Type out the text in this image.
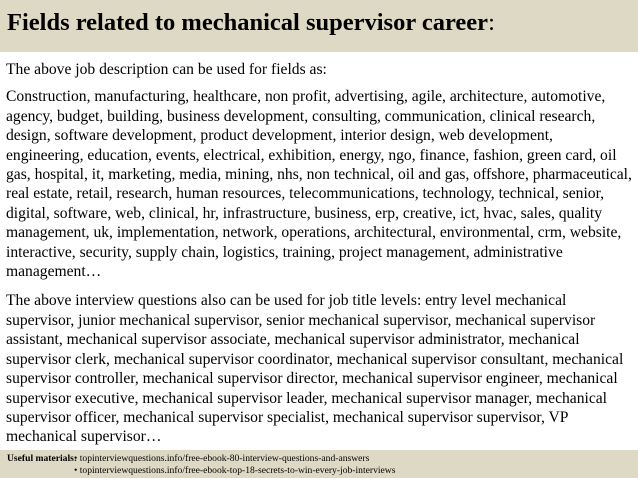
Fields related to mechanical supervisor career:

The above job description can be used for fields as:

Construction, manufacturing, healthcare, non profit, advertising, agile, architecture, automotive, agency, budget, building, business development, consulting, communication, clinical research, design, software development, product development, interior design, web development, engineering, education, events, electrical, exhibition, energy, ngo, finance, fashion, green card, oil gas, hospital, it, marketing, media, mining, nhs, non technical, oil and gas, offshore, pharmaceutical, real estate, retail, research, human resources, telecommunications, technology, technical, senior, digital, software, web, clinical, hr, infrastructure, business, erp, creative, ict, hvac, sales, quality management, uk, implementation, network, operations, architectural, environmental, crm, website, interactive, security, supply chain, logistics, training, project management, administrative management…

The above interview questions also can be used for job title levels: entry level mechanical supervisor, junior mechanical supervisor, senior mechanical supervisor, mechanical supervisor assistant, mechanical supervisor associate, mechanical supervisor administrator, mechanical supervisor clerk, mechanical supervisor coordinator, mechanical supervisor consultant, mechanical supervisor controller, mechanical supervisor director, mechanical supervisor engineer, mechanical supervisor executive, mechanical supervisor leader, mechanical supervisor manager, mechanical supervisor officer, mechanical supervisor specialist, mechanical supervisor supervisor, VP mechanical supervisor…

Useful materials:
• topinterviewquestions.info/free-ebook-80-interview-questions-and-answers
• topinterviewquestions.info/free-ebook-top-18-secrets-to-win-every-job-interviews
